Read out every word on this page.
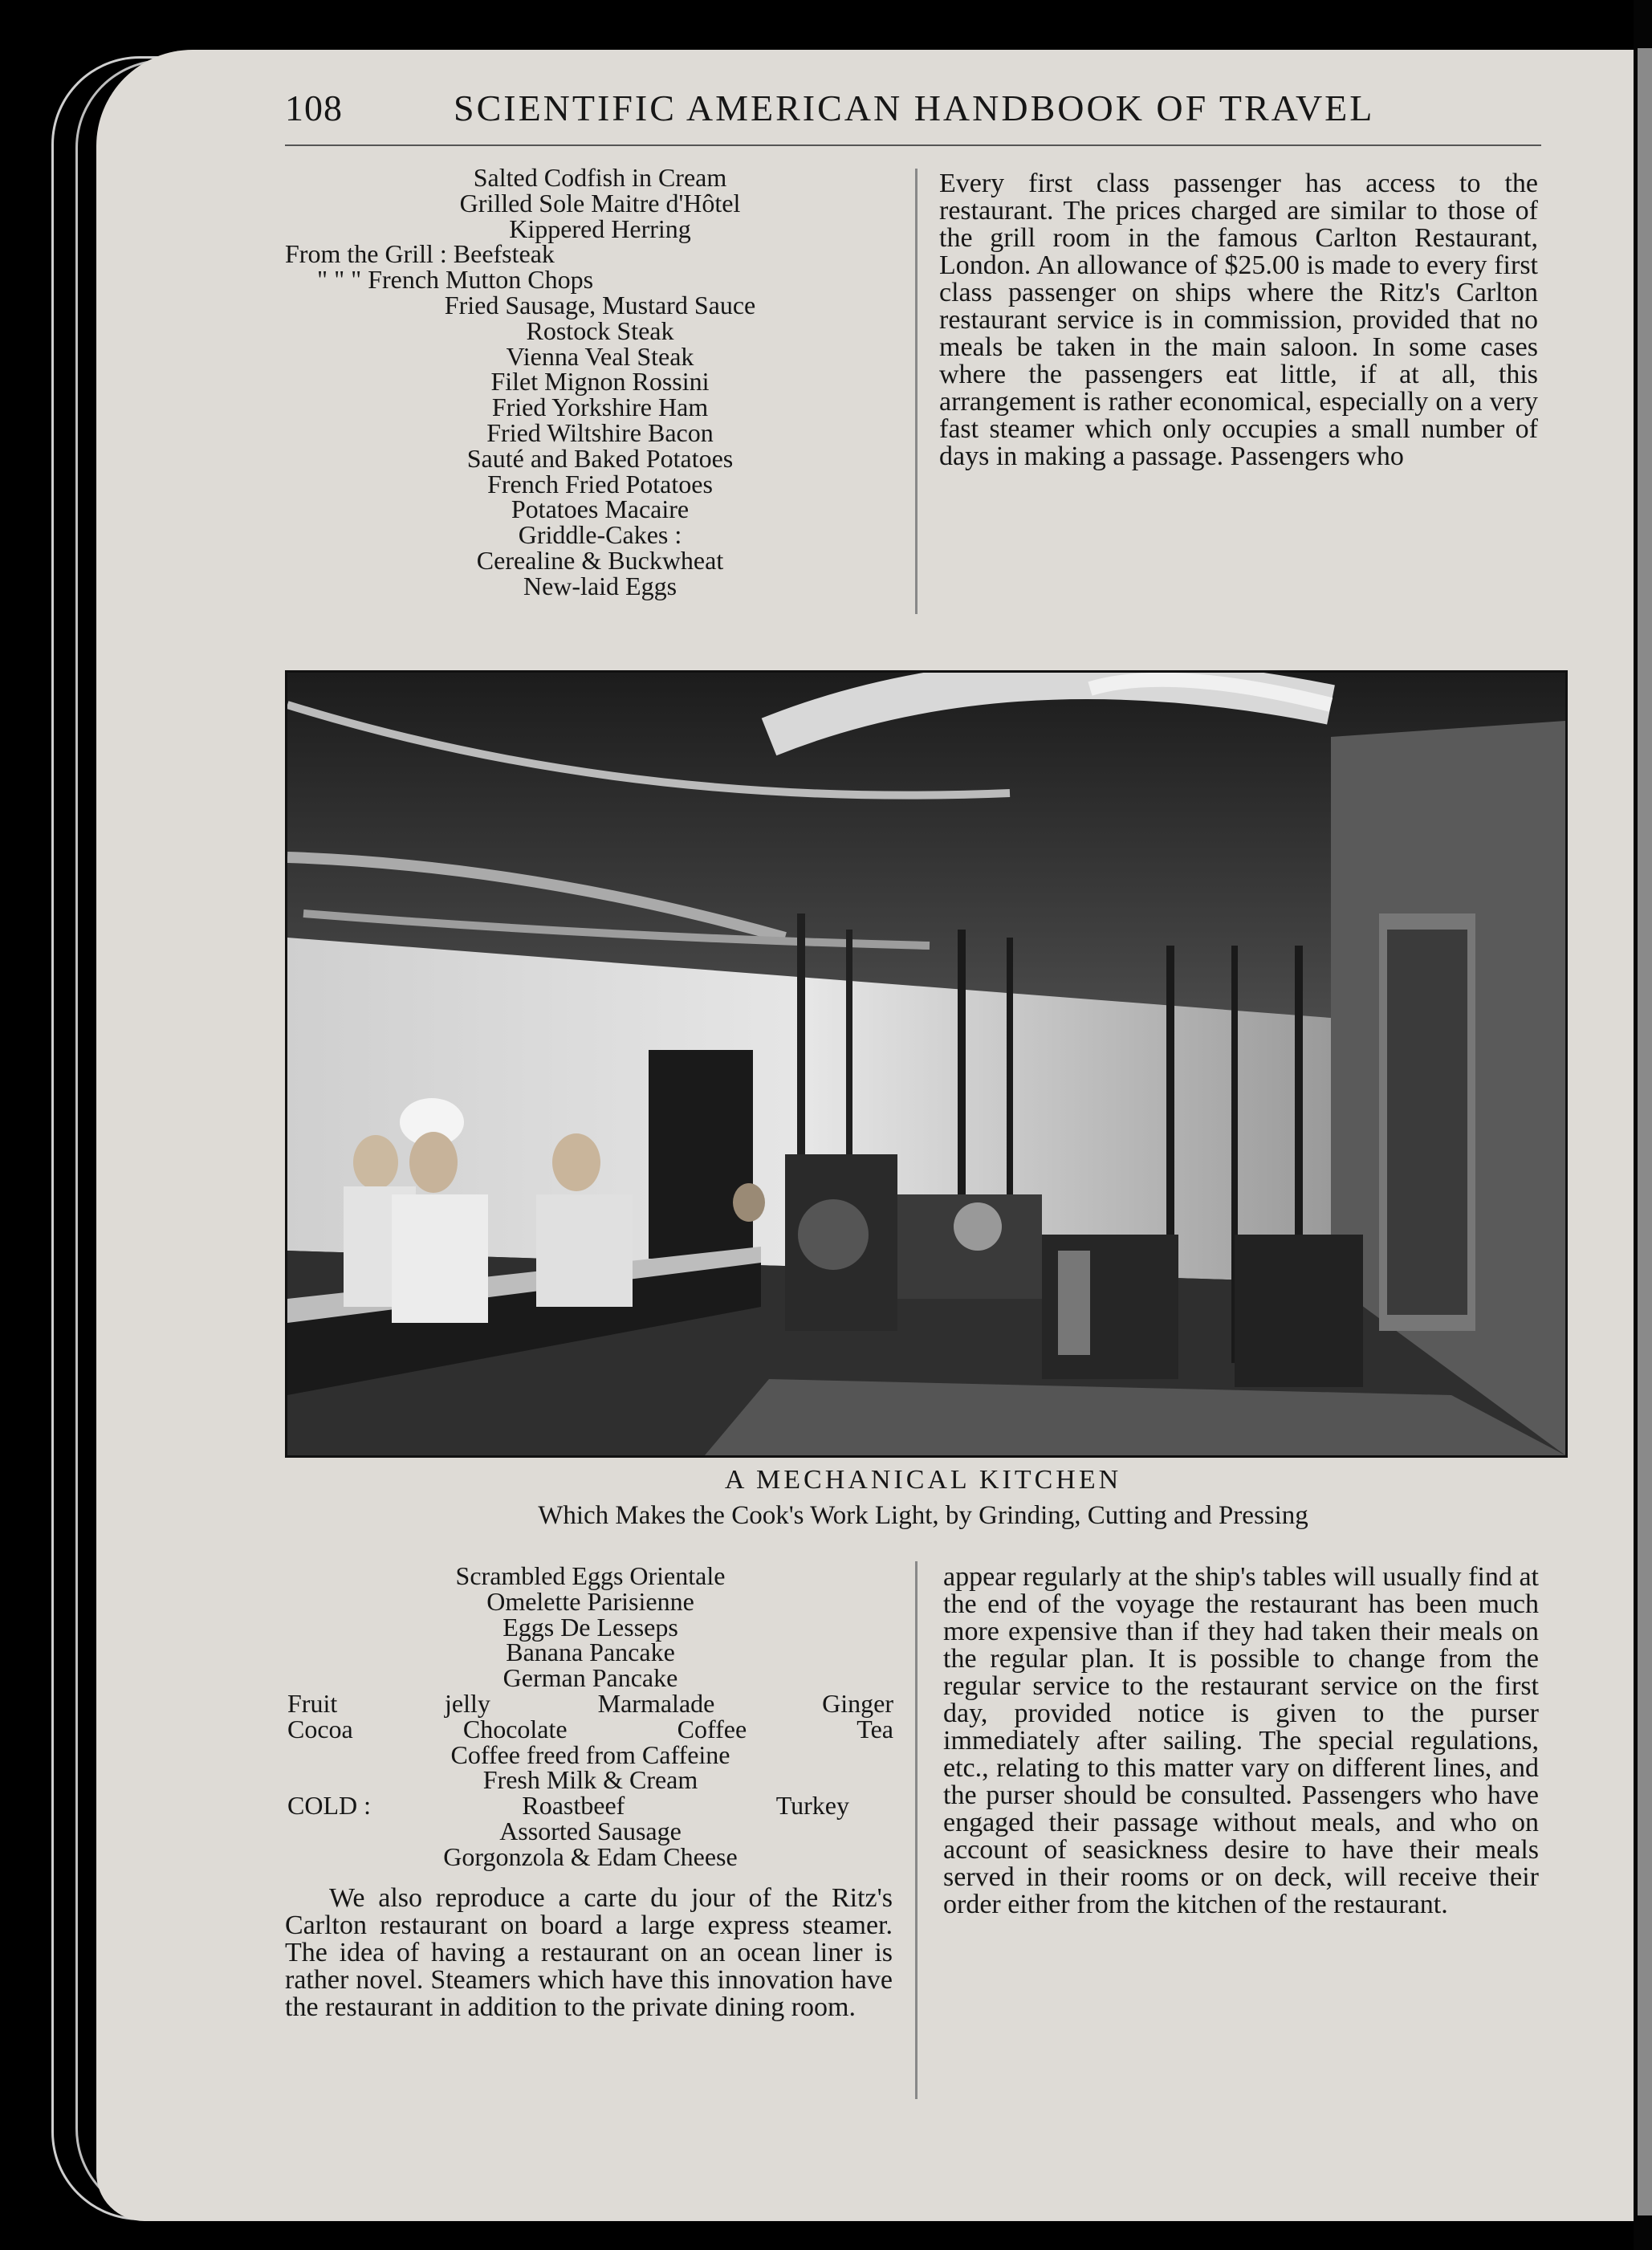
108	SCIENTIFIC AMERICAN HANDBOOK OF TRAVEL
Salted Codfish in Cream
Grilled Sole Maitre d'Hôtel
Kippered Herring
From the Grill : Beefsteak
" " " French Mutton Chops
Fried Sausage, Mustard Sauce
Rostock Steak
Vienna Veal Steak
Filet Mignon Rossini
Fried Yorkshire Ham
Fried Wiltshire Bacon
Sauté and Baked Potatoes
French Fried Potatoes
Potatoes Macaire
Griddle-Cakes :
Cerealine & Buckwheat
New-laid Eggs
Every first class passenger has access to the restaurant. The prices charged are similar to those of the grill room in the famous Carlton Restaurant, London. An allowance of $25.00 is made to every first class passenger on ships where the Ritz's Carlton restaurant service is in commission, provided that no meals be taken in the main saloon. In some cases where the passengers eat little, if at all, this arrangement is rather economical, especially on a very fast steamer which only occupies a small number of days in making a passage. Passengers who
A MECHANICAL KITCHEN
Which Makes the Cook's Work Light, by Grinding, Cutting and Pressing
Scrambled Eggs Orientale
Omelette Parisienne
Eggs De Lesseps
Banana Pancake
German Pancake
Fruit	jelly	Marmalade	Ginger
Cocoa	Chocolate	Coffee	Tea
Coffee freed from Caffeine
Fresh Milk & Cream
COLD :	Roastbeef	Turkey
Assorted Sausage
Gorgonzola & Edam Cheese
We also reproduce a carte du jour of the Ritz's Carlton restaurant on board a large express steamer. The idea of having a restaurant on an ocean liner is rather novel. Steamers which have this innovation have the restaurant in addition to the private dining room.
appear regularly at the ship's tables will usually find at the end of the voyage the restaurant has been much more expensive than if they had taken their meals on the regular plan. It is possible to change from the regular service to the restaurant service on the first day, provided notice is given to the purser immediately after sailing. The special regulations, etc., relating to this matter vary on different lines, and the purser should be consulted. Passengers who have engaged their passage without meals, and who on account of seasickness desire to have their meals served in their rooms or on deck, will receive their order either from the kitchen of the restaurant.
